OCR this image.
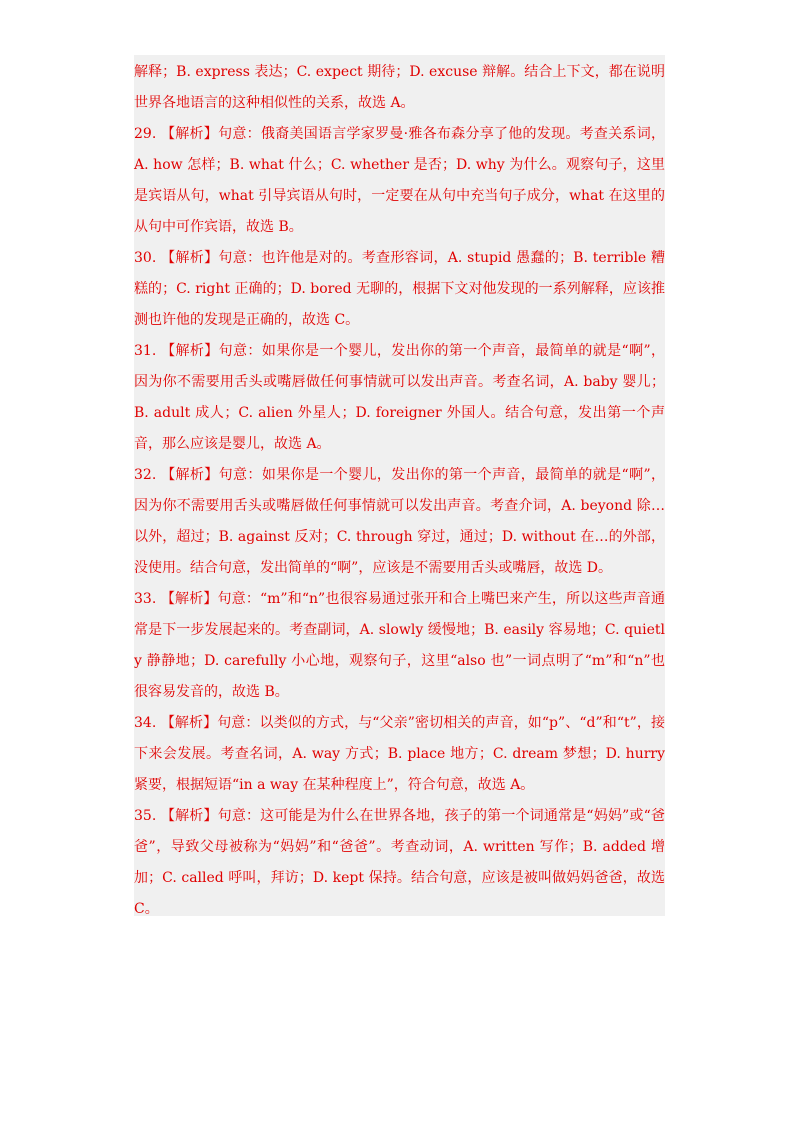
解释；B. express 表达；C. expect 期待；D. excuse 辩解。结合上下文，都在说明世界各地语言的这种相似性的关系，故选 A。

29. 【解析】句意：俄裔美国语言学家罗曼·雅各布森分享了他的发现。考查关系词，A. how 怎样；B. what 什么；C. whether 是否；D. why 为什么。观察句子，这里是宾语从句，what 引导宾语从句时，一定要在从句中充当句子成分，what 在这里的从句中可作宾语，故选 B。

30. 【解析】句意：也许他是对的。考查形容词，A. stupid 愚蠢的；B. terrible 糟糕的；C. right 正确的；D. bored 无聊的，根据下文对他发现的一系列解释，应该推测也许他的发现是正确的，故选 C。

31. 【解析】句意：如果你是一个婴儿，发出你的第一个声音，最简单的就是“啊”，因为你不需要用舌头或嘴唇做任何事情就可以发出声音。考查名词，A. baby 婴儿；B. adult 成人；C. alien 外星人；D. foreigner 外国人。结合句意，发出第一个声音，那么应该是婴儿，故选 A。

32. 【解析】句意：如果你是一个婴儿，发出你的第一个声音，最简单的就是“啊”，因为你不需要用舌头或嘴唇做任何事情就可以发出声音。考查介词，A. beyond 除…以外，超过；B. against 反对；C. through 穿过，通过；D. without 在…的外部，没使用。结合句意，发出简单的“啊”，应该是不需要用舌头或嘴唇，故选 D。

33. 【解析】句意：“m”和“n”也很容易通过张开和合上嘴巴来产生，所以这些声音通常是下一步发展起来的。考查副词，A. slowly 缓慢地；B. easily 容易地；C. quietly 静静地；D. carefully 小心地，观察句子，这里“also 也”一词点明了“m”和“n”也很容易发音的，故选 B。

34. 【解析】句意：以类似的方式，与“父亲”密切相关的声音，如“p”、“d”和“t”，接下来会发展。考查名词，A. way 方式；B. place 地方；C. dream 梦想；D. hurry 紧要，根据短语“in a way 在某种程度上”，符合句意，故选 A。

35. 【解析】句意：这可能是为什么在世界各地，孩子的第一个词通常是“妈妈”或“爸爸”，导致父母被称为“妈妈”和“爸爸”。考查动词，A. written 写作；B. added 增加；C. called 呼叫，拜访；D. kept 保持。结合句意，应该是被叫做妈妈爸爸，故选 C。
